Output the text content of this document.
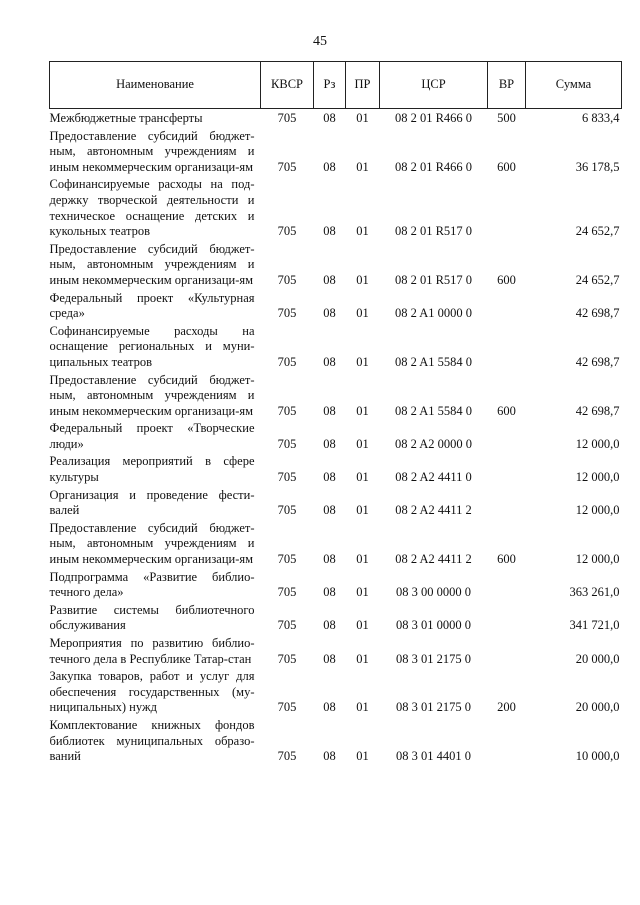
45
Наименование	КВСР	Рз	ПР	ЦСР	ВР	Сумма
Межбюджетные трансферты	705	08	01	08 2 01 R466 0	500	6 833,4
Предоставление субсидий бюджет-ным, автономным учреждениям и иным некоммерческим организаци-ям	705	08	01	08 2 01 R466 0	600	36 178,5
Софинансируемые расходы на под-держку творческой деятельности и техническое оснащение детских и кукольных театров	705	08	01	08 2 01 R517 0		24 652,7
Предоставление субсидий бюджет-ным, автономным учреждениям и иным некоммерческим организаци-ям	705	08	01	08 2 01 R517 0	600	24 652,7
Федеральный проект «Культурная среда»	705	08	01	08 2 A1 0000 0		42 698,7
Софинансируемые расходы на оснащение региональных и муни-ципальных театров	705	08	01	08 2 A1 5584 0		42 698,7
Предоставление субсидий бюджет-ным, автономным учреждениям и иным некоммерческим организаци-ям	705	08	01	08 2 A1 5584 0	600	42 698,7
Федеральный проект «Творческие люди»	705	08	01	08 2 A2 0000 0		12 000,0
Реализация мероприятий в сфере культуры	705	08	01	08 2 A2 4411 0		12 000,0
Организация и проведение фести-валей	705	08	01	08 2 A2 4411 2		12 000,0
Предоставление субсидий бюджет-ным, автономным учреждениям и иным некоммерческим организаци-ям	705	08	01	08 2 A2 4411 2	600	12 000,0
Подпрограмма «Развитие библио-течного дела»	705	08	01	08 3 00 0000 0		363 261,0
Развитие системы библиотечного обслуживания	705	08	01	08 3 01 0000 0		341 721,0
Мероприятия по развитию библио-течного дела в Республике Татар-стан	705	08	01	08 3 01 2175 0		20 000,0
Закупка товаров, работ и услуг для обеспечения государственных (му-ниципальных) нужд	705	08	01	08 3 01 2175 0	200	20 000,0
Комплектование книжных фондов библиотек муниципальных образо-ваний	705	08	01	08 3 01 4401 0		10 000,0
